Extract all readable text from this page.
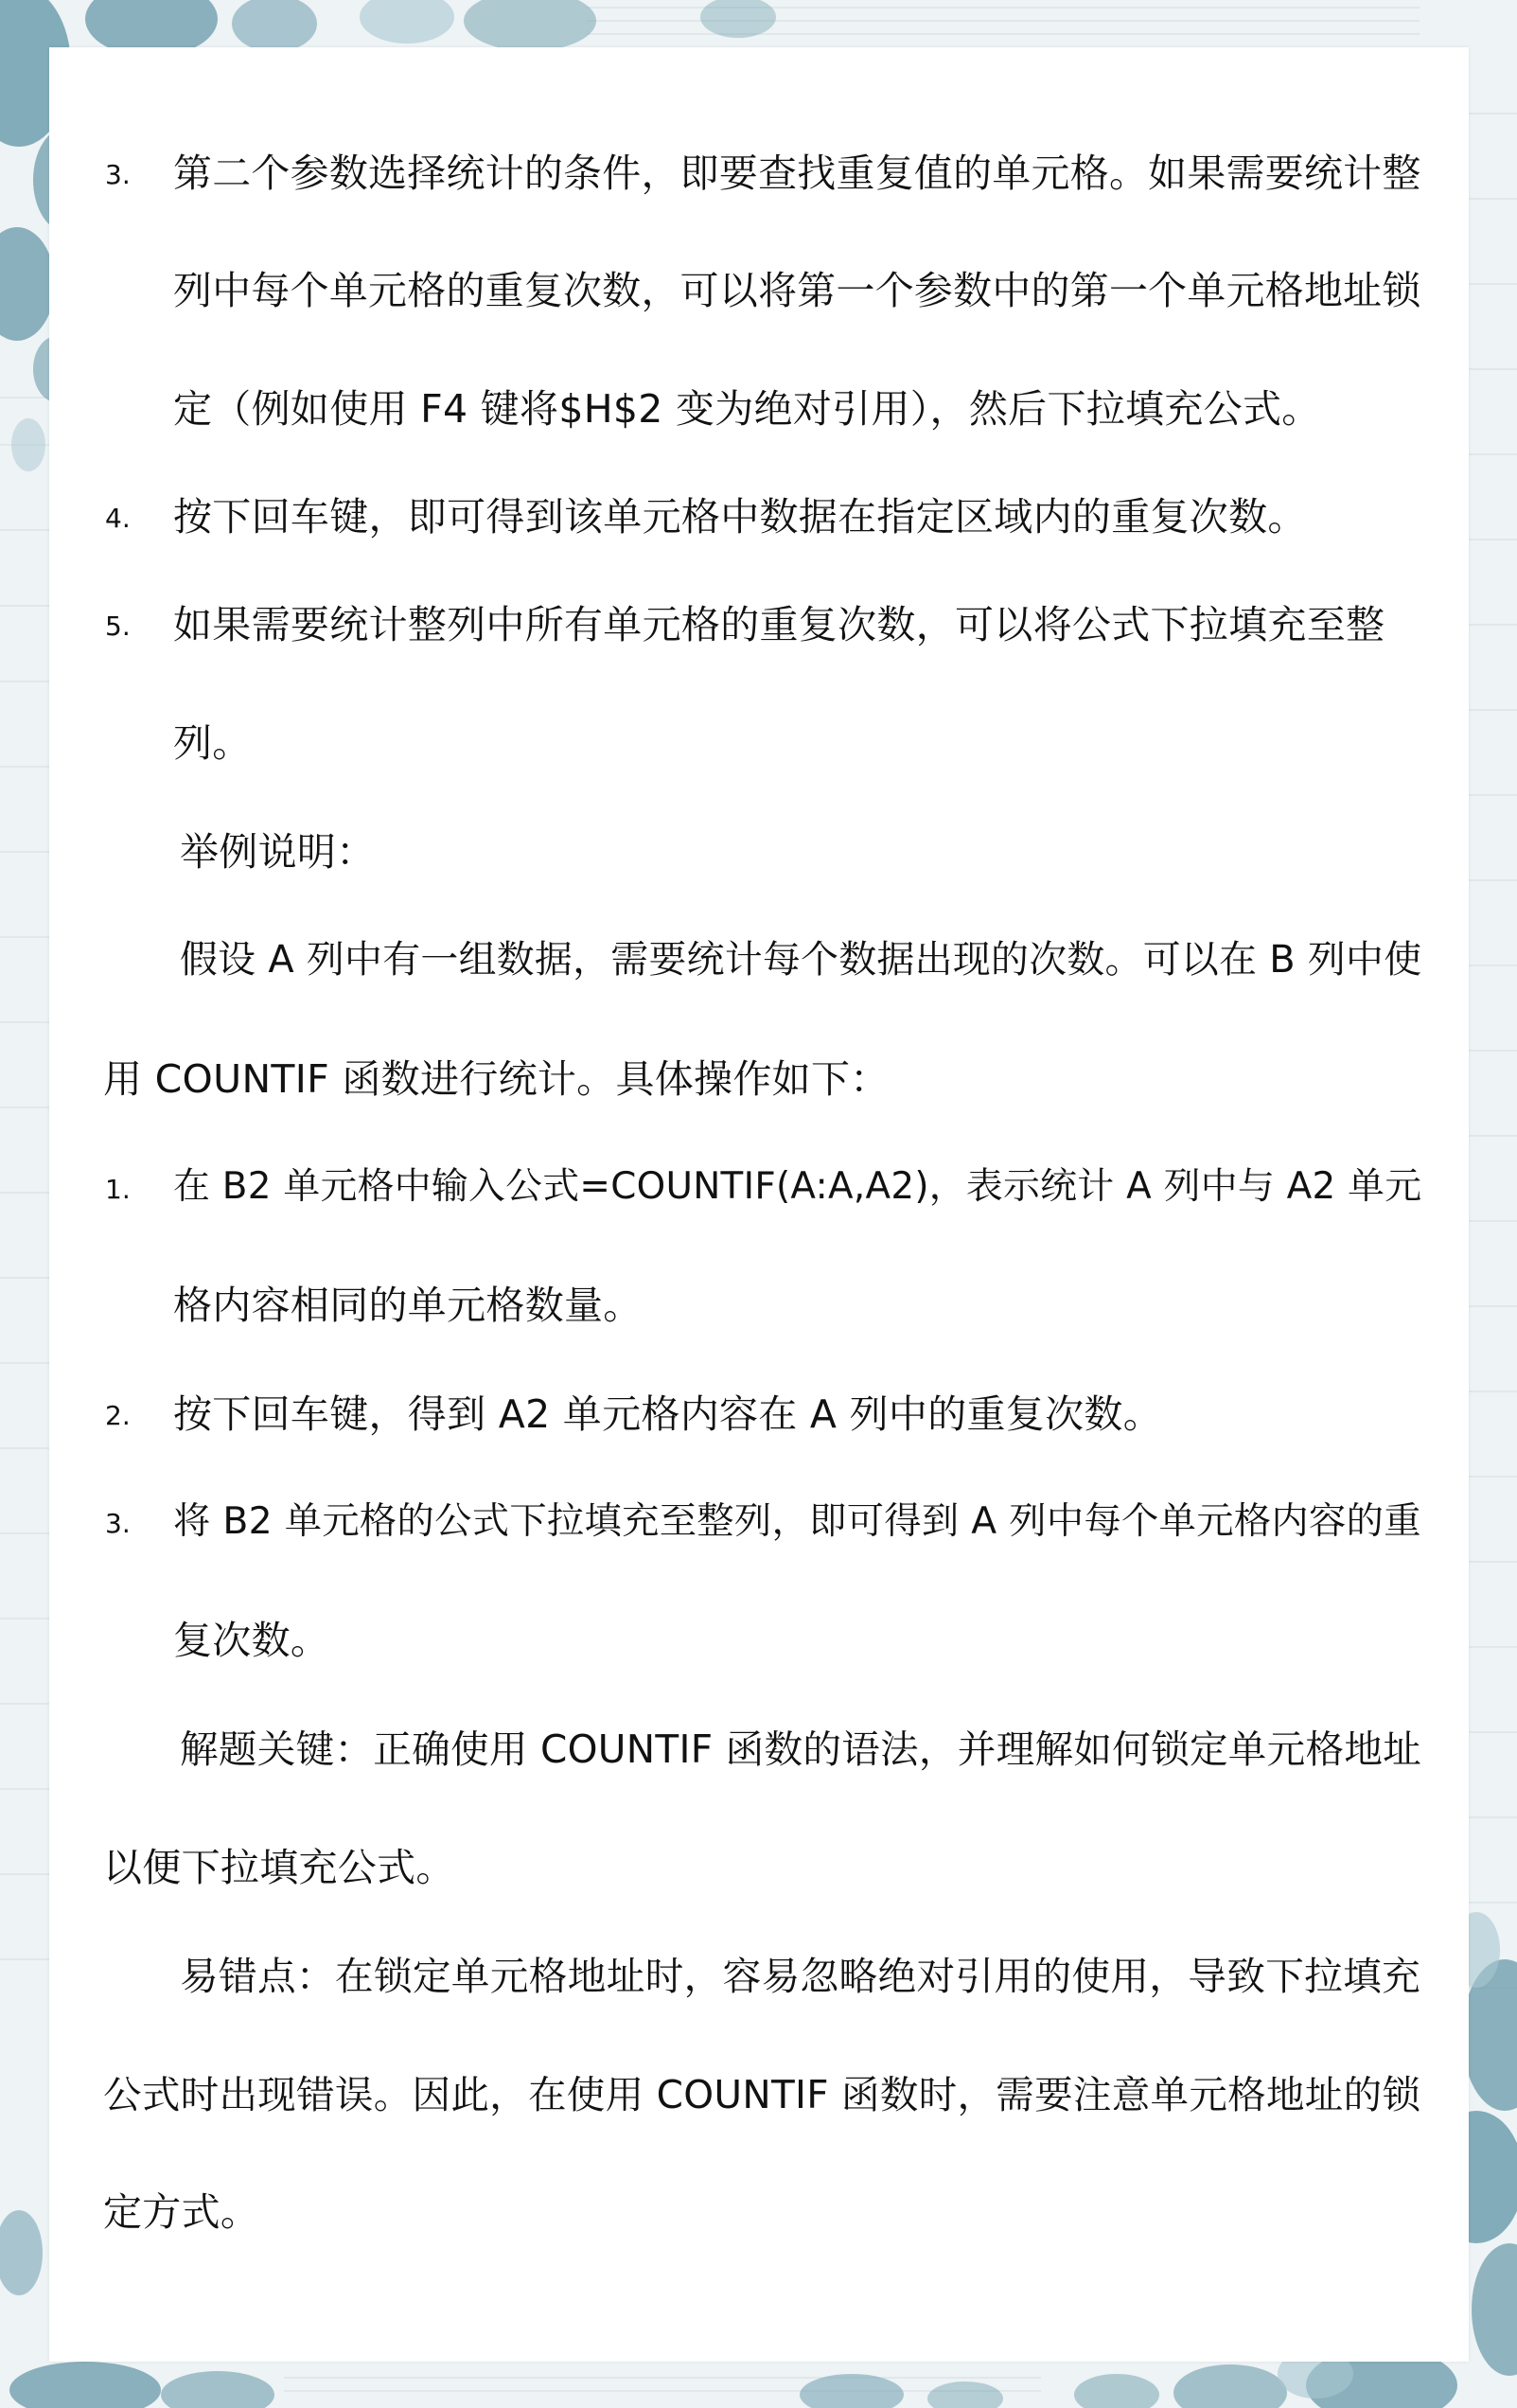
3. 第二个参数选择统计的条件，即要查找重复值的单元格。如果需要统计整
列中每个单元格的重复次数，可以将第一个参数中的第一个单元格地址锁
定（例如使用 F4 键将$H$2 变为绝对引用），然后下拉填充公式。
4. 按下回车键，即可得到该单元格中数据在指定区域内的重复次数。
5. 如果需要统计整列中所有单元格的重复次数，可以将公式下拉填充至整
列。
举例说明：
假设 A 列中有一组数据，需要统计每个数据出现的次数。可以在 B 列中使
用 COUNTIF 函数进行统计。具体操作如下：
1. 在 B2 单元格中输入公式=COUNTIF(A:A,A2)，表示统计 A 列中与 A2 单元
格内容相同的单元格数量。
2. 按下回车键，得到 A2 单元格内容在 A 列中的重复次数。
3. 将 B2 单元格的公式下拉填充至整列，即可得到 A 列中每个单元格内容的重
复次数。
解题关键：正确使用 COUNTIF 函数的语法，并理解如何锁定单元格地址
以便下拉填充公式。
易错点：在锁定单元格地址时，容易忽略绝对引用的使用，导致下拉填充
公式时出现错误。因此，在使用 COUNTIF 函数时，需要注意单元格地址的锁
定方式。
